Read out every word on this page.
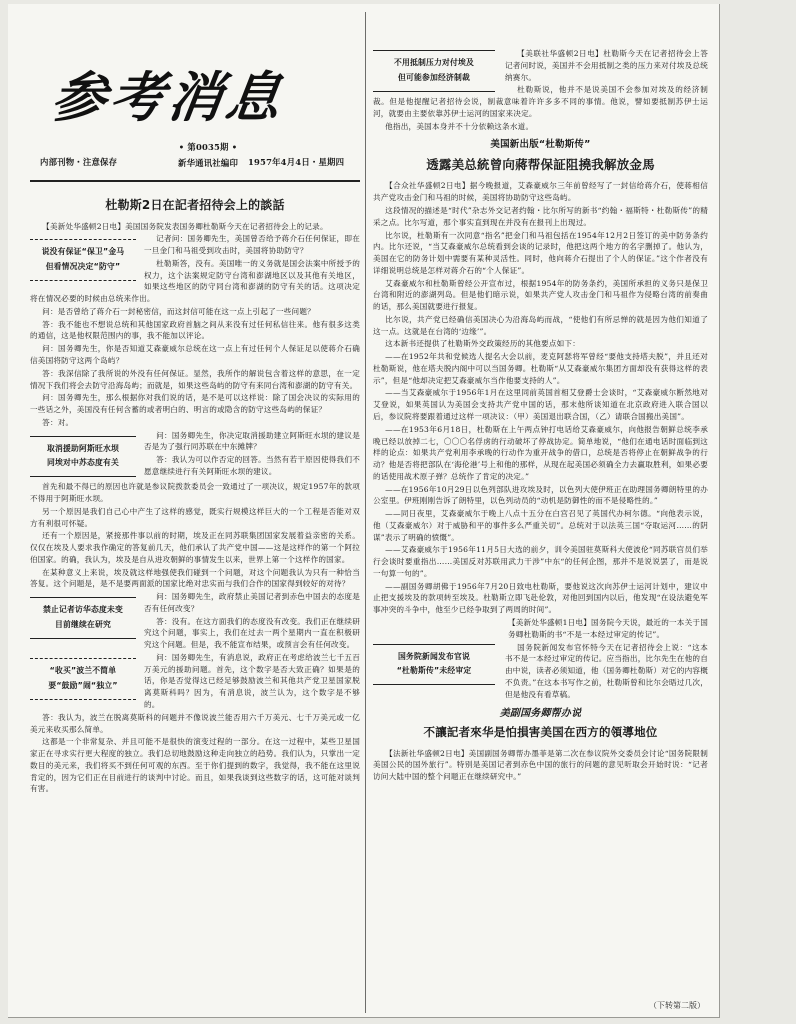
参考消息
内部刊物・注意保存
• 第0035期 •
新华通讯社编印 1957年4月4日・星期四
杜勒斯2日在記者招待会上的談話

【美新处华盛顿2日电】美国国务院发表国务卿杜勒斯今天在记者招待会上的记录。

说没有保证“保卫”金马
但看情况决定“防守”

记者问：国务卿先生，美国曾否给予蒋介石任何保证，即在一旦金门和马祖受到攻击时，美国将协助防守？

杜勒斯答，没有。美国唯一的义务就是国会法案中所授予的权力，这个法案规定防守台湾和澎湖地区以及其他有关地区，如果这些地区的防守同台湾和澎湖的防守有关的话。这项决定将在情况必要的时候由总统来作出。

问：是否曾给了蒋介石一封秘密信，而这封信可能在这一点上引起了一些问题？

答：我不能也不想说总统和其他国家政府首脑之间从来没有过任何私信往来。他有很多这类的通信，这是他权限范围内的事，我不能加以评论。

问：国务卿先生，你是否知道艾森豪威尔总统在这一点上有过任何个人保证足以使蒋介石确信美国将防守这两个岛屿？

答：我深信除了我所说的外没有任何保证。显然，我所作的解说包含着这样的意思，在一定情况下我们将会去防守沿海岛屿；而就是，如果这些岛屿的防守有来同台湾和澎湖的防守有关。

问：国务卿先生，那么根据你对我们说的话，是不是可以这样说：除了国会决议的实际用的一些话之外，美国没有任何含蓄的或者明白的、明言的或隐含的防守这些岛屿的保证？

答：对。

取消援助阿斯旺水坝
同埃对中苏态度有关

问：国务卿先生，你决定取消援助建立阿斯旺水坝的建议是否是为了强行同苏联在中东摊牌？

答：我认为可以作否定的回答。当然有若干原因使得我们不愿意继续进行有关阿斯旺水坝的建议。

首先和最不得已的原因也许就是参议院拨款委员会一致通过了一项决议，规定1957年的款项不得用于阿斯旺水坝。

另一个原因是我们自己心中产生了这样的感觉，既实行规模这样巨大的一个工程是否能对双方有利很可怀疑。

还有一个原因是，紧接那件事以前的时期，埃及正在同苏联集团国家发展着益亲密的关系。仅仅在埃及人要求我作确定的答复前几天，他们承认了共产党中国——这是这样作的第一个阿拉伯国家。的确，我认为，埃及是自从进攻朝鲜的事情发生以来，世界上第一个这样作的国家。

在某种意义上来说，埃及就这样地强使我们碰到一个问题，对这个问题我认为只有一种恰当答复。这个问题是，是不是要两面派的国家比绝对忠实而与我们合作的国家得到较好的对待？

禁止记者访华态度未变
目前继续在研究

问：国务卿先生，政府禁止美国记者到赤色中国去的态度是否有任何改变？

答：没有。在这方面我们的态度没有改变。我们正在继续研究这个问题，事实上，我们在过去一两个星期内一直在积极研究这个问题。但是，我不能宣布结果，或预言会有任何改变。

“收买”波兰不简单
要“鼓励”闹“独立”

问：国务卿先生，有消息说，政府正在考虑给波兰七千五百万美元的援助问题。首先，这个数字是否大致正确？如果是的话，你是否觉得这已经足够鼓励波兰和其他共产党卫星国家脱离莫斯科吗？因为，有消息说，波兰认为，这个数字是不够的。

答：我认为，波兰在脱离莫斯科的问题并不像说波兰能否用六千万美元、七千万美元或一亿美元来收买那么简单。

这都是一个非常复杂、并且可能不是很快的演变过程的一部分。在这一过程中，某些卫星国家正在寻求实行更大程度的独立。我们总切地鼓励这种走向独立的趋势。我们认为，只掌出一定数目的美元来，我们将买不到任何可观的东西。至于你们提到的数字，我觉得，我不能在这里说肯定的，因为它们正在目前进行的谈判中讨论。而且，如果我谈到这些数字的话，这可能对谈判有害。

不用抵制压力对付埃及
但可能参加经济制裁

【美联社华盛顿2日电】杜勒斯今天在记者招待会上答记者问时说，美国并不会用抵制之类的压力来对付埃及总统纳赛尔。

杜勒斯说，他并不是说美国不会参加对埃及的经济制裁。但是他提醒记者招待会说，制裁意味着许许多多不同的事情。他说，譬如要抵制苏伊士运河，就要由主要依靠苏伊士运河的国家来决定。

他指出，美国本身并不十分依赖这条水道。

美国新出版“杜勒斯传”
透露美总統曾向蔣帮保証阻撓我解放金馬

【合众社华盛顿2日电】据今晚报道，艾森豪威尔三年前曾经写了一封信给蒋介石，使蒋相信共产党攻击金门和马祖的时候，美国将协助防守这些岛屿。

这段情况的描述是“时代”杂志外交记者约翰・比尔所写的新书“约翰・福斯特・杜勒斯传”的精采之点。比尔写道，那个事实直到现在并没有在报刊上出现过。

比尔说，杜勒斯有一次同意“指名”把金门和马祖包括在1954年12月2日签订的美中防务条约内。比尔还说，“当艾森豪威尔总统看到会谈的记录时，他把这两个地方的名字删掉了。他认为，美国在它的防务计划中需要有某种灵活性。同时，他向蒋介石提出了个人的保证。”这个作者没有详细说明总统是怎样对蒋介石的“个人保证”。

艾森豪威尔和杜勒斯曾经公开宣布过，根据1954年的防务条约，美国所承担的义务只是保卫台湾和附近的澎湖列岛。但是他们暗示说，如果共产党人攻击金门和马祖作为侵略台湾的前奏曲的话，那么美国就要进行报复。

比尔说，共产党已经确信美国决心为沿海岛屿而战，“使他们有所忌惮的就是因为他们知道了这一点。这就是在台湾的‘边缘’”。

这本新书还提供了杜勒斯外交政策经历的其他要点如下：

——在1952年共和党候选人提名大会以前，麦克阿瑟将军曾经“要他支持塔夫脱”，并且还对杜勒斯说，他在塔夫脱内阁中可以当国务卿。杜勒斯“从艾森豪威尔集团方面却没有获得这样的表示”，但是“他却决定把艾森豪威尔当作他要支持的人”。

——当艾森豪威尔于1956年1月在这里同前英国首相艾登爵士会谈时，“艾森豪威尔断然地对艾登说，如果英国认为美国会支持共产党中国的话，那末他所谈知道在北京政府进入联合国以后，参议院将要跟着通过这样一项决议：（甲）美国退出联合国，（乙）请联合国搬出美国”。

——在1953年6月18日，杜勒斯在上午两点钟打电话给艾森豪威尔，向他报告朝鲜总统李承晚已经以放掉二七，〇〇〇名俘虏的行动破坏了停战协定。简单地说，“他们在通电话时面临到这样的论点：如果共产党利用李承晚的行动作为重开战争的借口，总统是否将停止在朝鲜战争的行动？他是否将把部队在‘海伦港’号上和他的那样，从现在起美国必须确全力去赢取胜利，如果必要的话使用战术原子弹？总统作了肯定的决定。”

——在1956年10月29日以色列部队进攻埃及时，以色列大使伊班正在助理国务卿朗特里的办公室里。伊班刚刚告诉了朗特里，以色列动员的“动机是防御性的而不是侵略性的。”

——同日夜里，艾森豪威尔于晚上八点十五分在白宫召见了英国代办柯尔德。“向他表示说，他（艾森豪威尔）对于威胁和平的事件多么严重关切”。总统对于以法英三国“夺取运河……的阴谋”表示了明确的愤慨”。

——艾森豪威尔于1956年11月5日大选的前夕，训令美国驻莫斯科大使波伦“同苏联官员们举行会谈时要重指出……美国反对苏联用武力干涉”中东“的任何企图，那并不是说说罢了，而是说一句算一句的”。

——副国务卿胡佛于1956年7月20日致电杜勒斯，要他说这次向苏伊士运河计划中，建议中止把支援埃及的款项转至埃及。杜勒斯立即飞赴伦敦，对他回到国内以后，他发现“在设法避免军事冲突的斗争中，他至少已经争取到了两周的时间”。

【美新处华盛顿1日电】国务院今天说，最近的一本关于国务卿杜勒斯的书“不是一本经过审定的传记”。

国务院新闻发布官说
“杜勒斯传”未经审定

国务院新闻发布官怀特今天在记者招待会上说：“这本书不是一本经过审定的传记。应当指出，比尔先生在他的自由中说，读者必须知道，他（国务卿杜勒斯）对它的内容概不负责。”在这本书写作之前，杜勒斯曾和比尔会晤过几次，但是他没有看草稿。

美副国务卿帮办说
不讓記者來华是怕損害美国在西方的領導地位

【法新社华盛顿2日电】美国副国务卿帮办墨菲是第二次在参议院外交委员会讨论“国务院限制美国公民的国外旅行”。特别是美国记者到赤色中国的旅行的问题的意见听取会开始时说：“记者访问大陆中国的整个问题正在继续研究中。”

（下转第二版）
